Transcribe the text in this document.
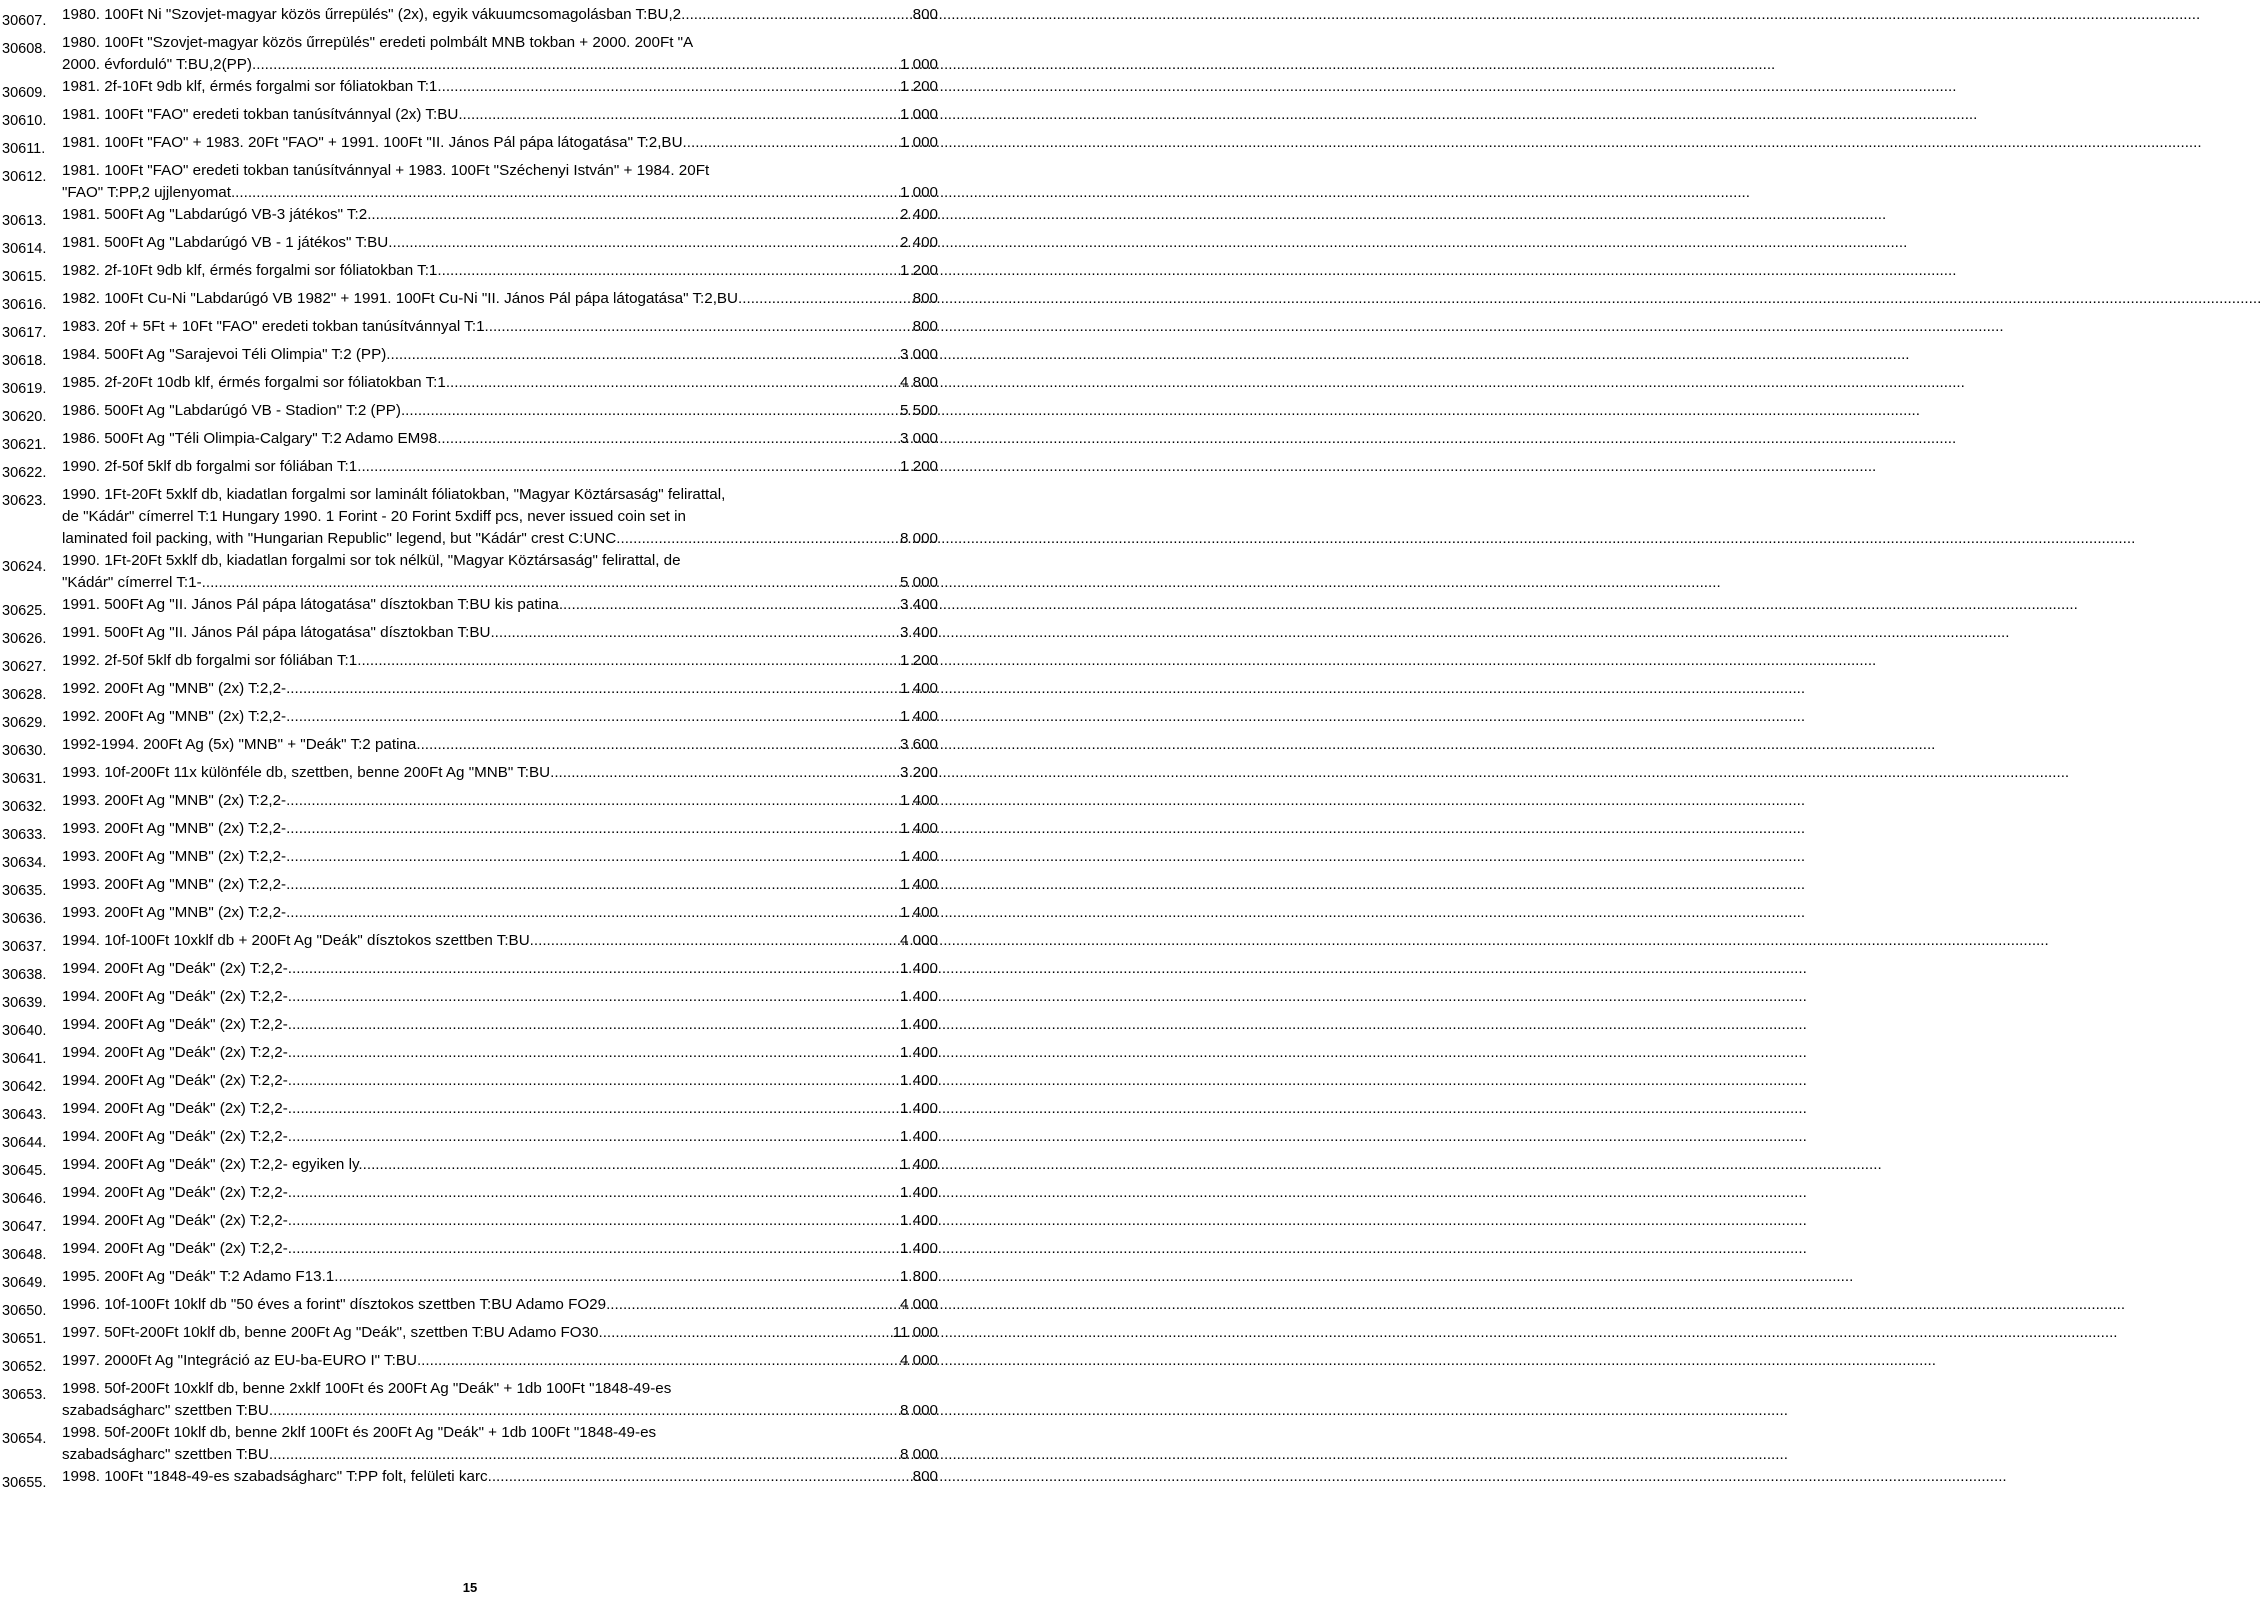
30607.	1980. 100Ft Ni "Szovjet-magyar közös űrrepülés" (2x), egyik vákuumcsomagolásban T:BU,2 .....	800
30608.	1980. 100Ft "Szovjet-magyar közös űrrepülés" eredeti polmbált MNB tokban + 2000. 200Ft "A
2000. évforduló" T:BU,2(PP). .....	1 000
30609.	1981. 2f-10Ft 9db klf, érmés forgalmi sor fóliatokban T:1 .....	1 200
30610.	1981. 100Ft "FAO" eredeti tokban tanúsítvánnyal (2x) T:BU .....	1 000
30611.	1981. 100Ft "FAO" + 1983. 20Ft "FAO" + 1991. 100Ft "II. János Pál pápa látogatása" T:2,BU .....	1 000
30612.	1981. 100Ft "FAO" eredeti tokban tanúsítvánnyal + 1983. 100Ft "Széchenyi István" + 1984. 20Ft
"FAO" T:PP,2 ujjlenyomat .....	1 000
30613.	1981. 500Ft Ag "Labdarúgó VB-3 játékos" T:2 .....	2 400
30614.	1981. 500Ft Ag "Labdarúgó VB - 1 játékos" T:BU .....	2 400
30615.	1982. 2f-10Ft 9db klf, érmés forgalmi sor fóliatokban T:1 .....	1 200
30616.	1982. 100Ft Cu-Ni "Labdarúgó VB 1982" + 1991. 100Ft Cu-Ni "II. János Pál pápa látogatása" T:2,BU. .....	800
30617.	1983. 20f + 5Ft + 10Ft "FAO" eredeti tokban tanúsítvánnyal T:1 .....	800
30618.	1984. 500Ft Ag "Sarajevoi Téli Olimpia" T:2 (PP). .....	3 000
30619.	1985. 2f-20Ft 10db klf, érmés forgalmi sor fóliatokban T:1 .....	4 800
30620.	1986. 500Ft Ag "Labdarúgó VB - Stadion" T:2 (PP) .....	5 500
30621.	1986. 500Ft Ag "Téli Olimpia-Calgary" T:2 Adamo EM98 .....	3 000
30622.	1990. 2f-50f 5klf db forgalmi sor fóliában T:1 .....	1 200
30623.	1990. 1Ft-20Ft 5xklf db, kiadatlan forgalmi sor laminált fóliatokban, "Magyar Köztársaság" felirattal,
de "Kádár" címerrel T:1 Hungary 1990. 1 Forint - 20 Forint 5xdiff pcs, never issued coin set in
laminated foil packing, with "Hungarian Republic" legend, but "Kádár" crest C:UNC .....	8 000
30624.	1990. 1Ft-20Ft 5xklf db, kiadatlan forgalmi sor tok nélkül, "Magyar Köztársaság" felirattal, de
"Kádár" címerrel T:1- .....	5 000
30625.	1991. 500Ft Ag "II. János Pál pápa látogatása" dísztokban T:BU kis patina .....	3 400
30626.	1991. 500Ft Ag "II. János Pál pápa látogatása" dísztokban T:BU .....	3 400
30627.	1992. 2f-50f 5klf db forgalmi sor fóliában T:1 .....	1 200
30628.	1992. 200Ft Ag "MNB" (2x) T:2,2- .....	1 400
30629.	1992. 200Ft Ag "MNB" (2x) T:2,2- .....	1 400
30630.	1992-1994. 200Ft Ag (5x) "MNB" + "Deák" T:2 patina .....	3 600
30631.	1993. 10f-200Ft 11x különféle db, szettben, benne 200Ft Ag "MNB" T:BU .....	3 200
30632.	1993. 200Ft Ag "MNB" (2x) T:2,2- .....	1 400
30633.	1993. 200Ft Ag "MNB" (2x) T:2,2- .....	1 400
30634.	1993. 200Ft Ag "MNB" (2x) T:2,2- .....	1 400
30635.	1993. 200Ft Ag "MNB" (2x) T:2,2- .....	1 400
30636.	1993. 200Ft Ag "MNB" (2x) T:2,2- .....	1 400
30637.	1994. 10f-100Ft 10xklf db + 200Ft Ag "Deák" dísztokos szettben T:BU .....	4 000
30638.	1994. 200Ft Ag "Deák" (2x) T:2,2- .....	1 400
30639.	1994. 200Ft Ag "Deák" (2x) T:2,2- .....	1 400
30640.	1994. 200Ft Ag "Deák" (2x) T:2,2- .....	1 400
30641.	1994. 200Ft Ag "Deák" (2x) T:2,2- .....	1 400
30642.	1994. 200Ft Ag "Deák" (2x) T:2,2- .....	1 400
30643.	1994. 200Ft Ag "Deák" (2x) T:2,2- .....	1 400
30644.	1994. 200Ft Ag "Deák" (2x) T:2,2- .....	1 400
30645.	1994. 200Ft Ag "Deák" (2x) T:2,2- egyiken ly. .....	1 400
30646.	1994. 200Ft Ag "Deák" (2x) T:2,2- .....	1 400
30647.	1994. 200Ft Ag "Deák" (2x) T:2,2- .....	1 400
30648.	1994. 200Ft Ag "Deák" (2x) T:2,2- .....	1 400
30649.	1995. 200Ft Ag "Deák" T:2 Adamo F13.1 .....	1 800
30650.	1996. 10f-100Ft 10klf db "50 éves a forint" dísztokos szettben T:BU Adamo FO29 .....	4 000
30651.	1997. 50Ft-200Ft 10klf db, benne 200Ft Ag "Deák", szettben T:BU Adamo FO30 .....	11 000
30652.	1997. 2000Ft Ag "Integráció az EU-ba-EURO I" T:BU .....	4 000
30653.	1998. 50f-200Ft 10xklf db, benne 2xklf 100Ft és 200Ft Ag "Deák" + 1db 100Ft "1848-49-es
szabadságharc" szettben T:BU .....	8 000
30654.	1998. 50f-200Ft 10klf db, benne 2klf 100Ft és 200Ft Ag "Deák" + 1db 100Ft "1848-49-es
szabadságharc" szettben T:BU .....	8 000
30655.	1998. 100Ft "1848-49-es szabadságharc" T:PP folt, felületi karc .....	800
15
